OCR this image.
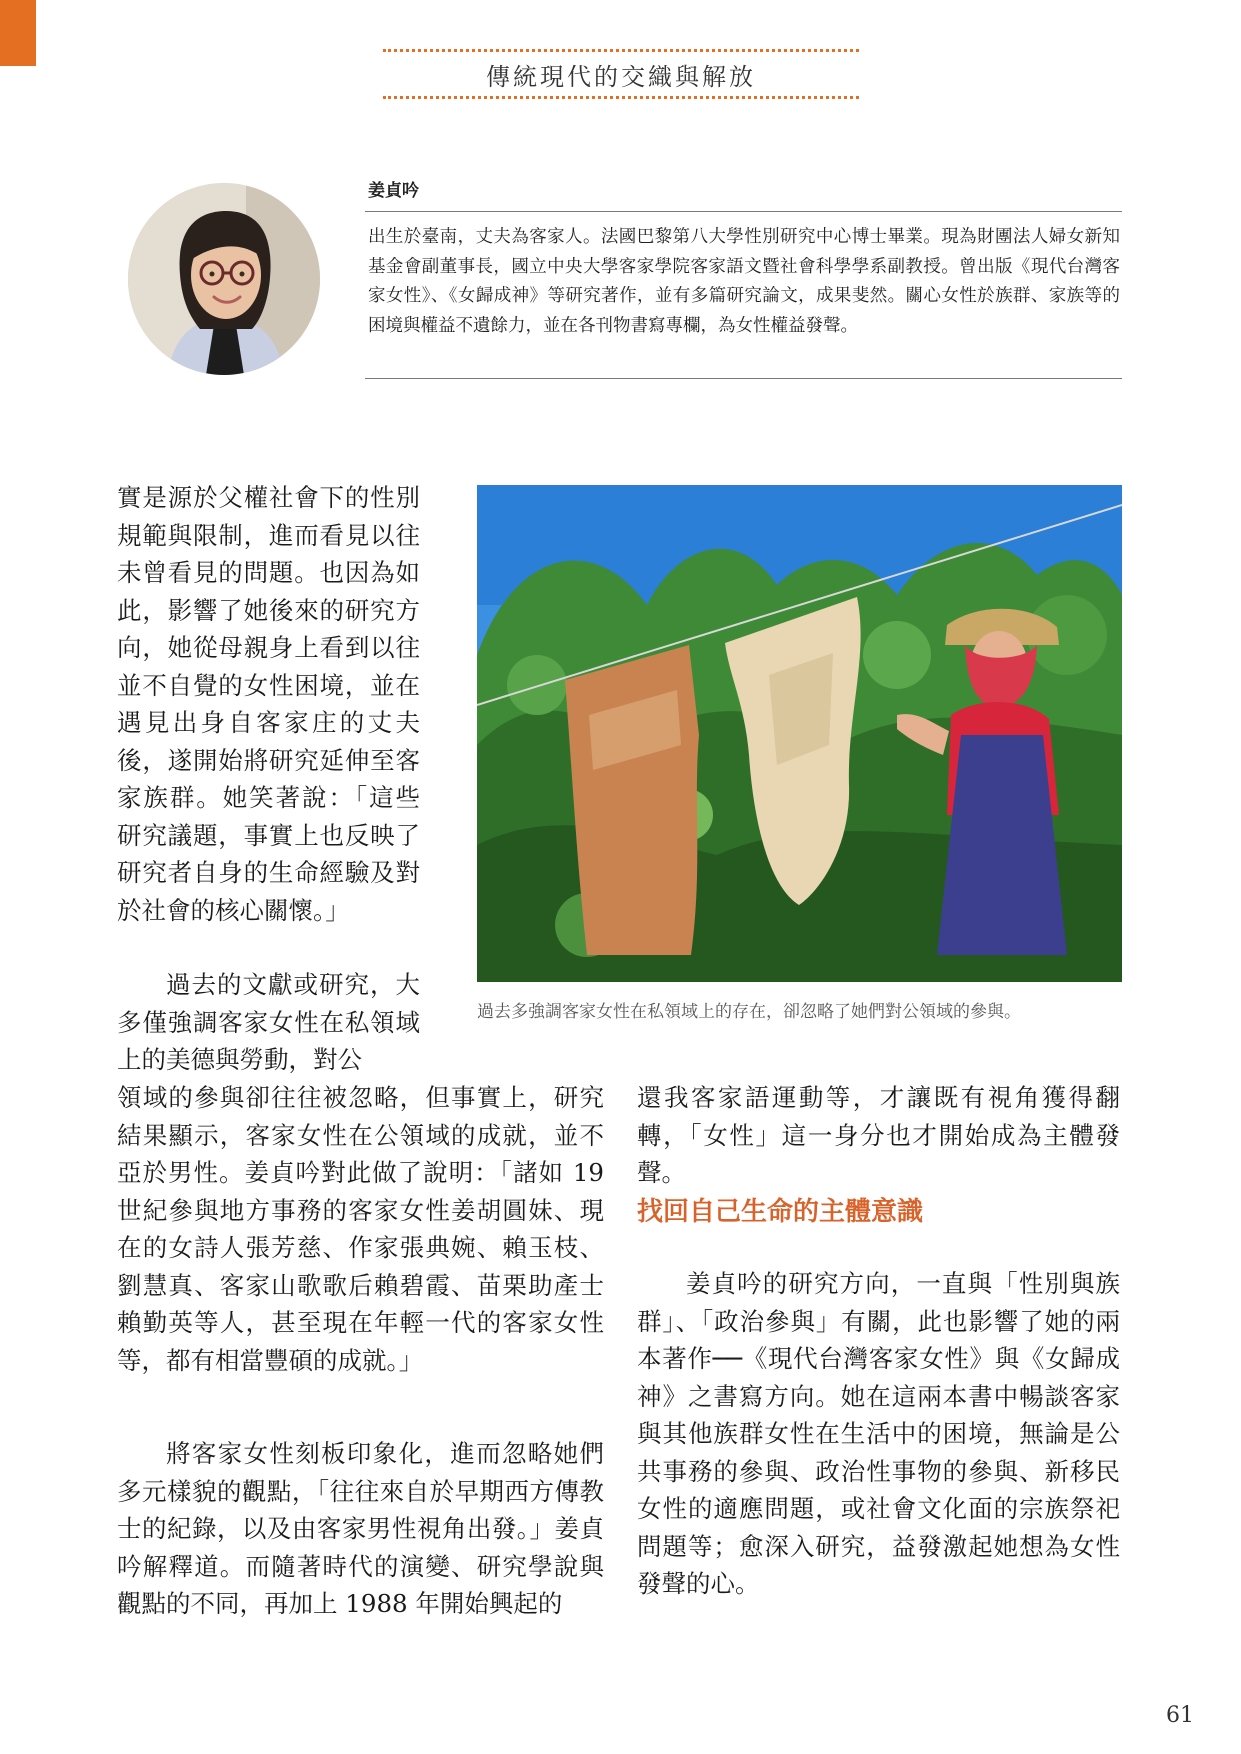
傳統現代的交織與解放
姜貞吟
出生於臺南，丈夫為客家人。法國巴黎第八大學性別研究中心博士畢業。現為財團法人婦女新知基金會副董事長，國立中央大學客家學院客家語文暨社會科學學系副教授。曾出版《現代台灣客家女性》、《女歸成神》等研究著作，並有多篇研究論文，成果斐然。關心女性於族群、家族等的困境與權益不遺餘力，並在各刊物書寫專欄，為女性權益發聲。

實是源於父權社會下的性別規範與限制，進而看見以往未曾看見的問題。也因為如此，影響了她後來的研究方向，她從母親身上看到以往並不自覺的女性困境，並在遇見出身自客家庄的丈夫後，遂開始將研究延伸至客家族群。她笑著說：「這些研究議題，事實上也反映了研究者自身的生命經驗及對於社會的核心關懷。」

過去的文獻或研究，大多僅強調客家女性在私領域上的美德與勞動，對公

領域的參與卻往往被忽略，但事實上，研究結果顯示，客家女性在公領域的成就，並不亞於男性。姜貞吟對此做了說明：「諸如 19 世紀參與地方事務的客家女性姜胡圓妹、現在的女詩人張芳慈、作家張典婉、賴玉枝、劉慧真、客家山歌歌后賴碧霞、苗栗助產士賴勤英等人，甚至現在年輕一代的客家女性等，都有相當豐碩的成就。」

將客家女性刻板印象化，進而忽略她們多元樣貌的觀點，「往往來自於早期西方傳教士的紀錄，以及由客家男性視角出發。」姜貞吟解釋道。而隨著時代的演變、研究學說與觀點的不同，再加上 1988 年開始興起的

過去多強調客家女性在私領域上的存在，卻忽略了她們對公領域的參與。

還我客家語運動等，才讓既有視角獲得翻轉，「女性」這一身分也才開始成為主體發聲。

找回自己生命的主體意識

姜貞吟的研究方向，一直與「性別與族群」、「政治參與」有關，此也影響了她的兩本著作──《現代台灣客家女性》與《女歸成神》之書寫方向。她在這兩本書中暢談客家與其他族群女性在生活中的困境，無論是公共事務的參與、政治性事物的參與、新移民女性的適應問題，或社會文化面的宗族祭祀問題等；愈深入研究，益發激起她想為女性發聲的心。

61
